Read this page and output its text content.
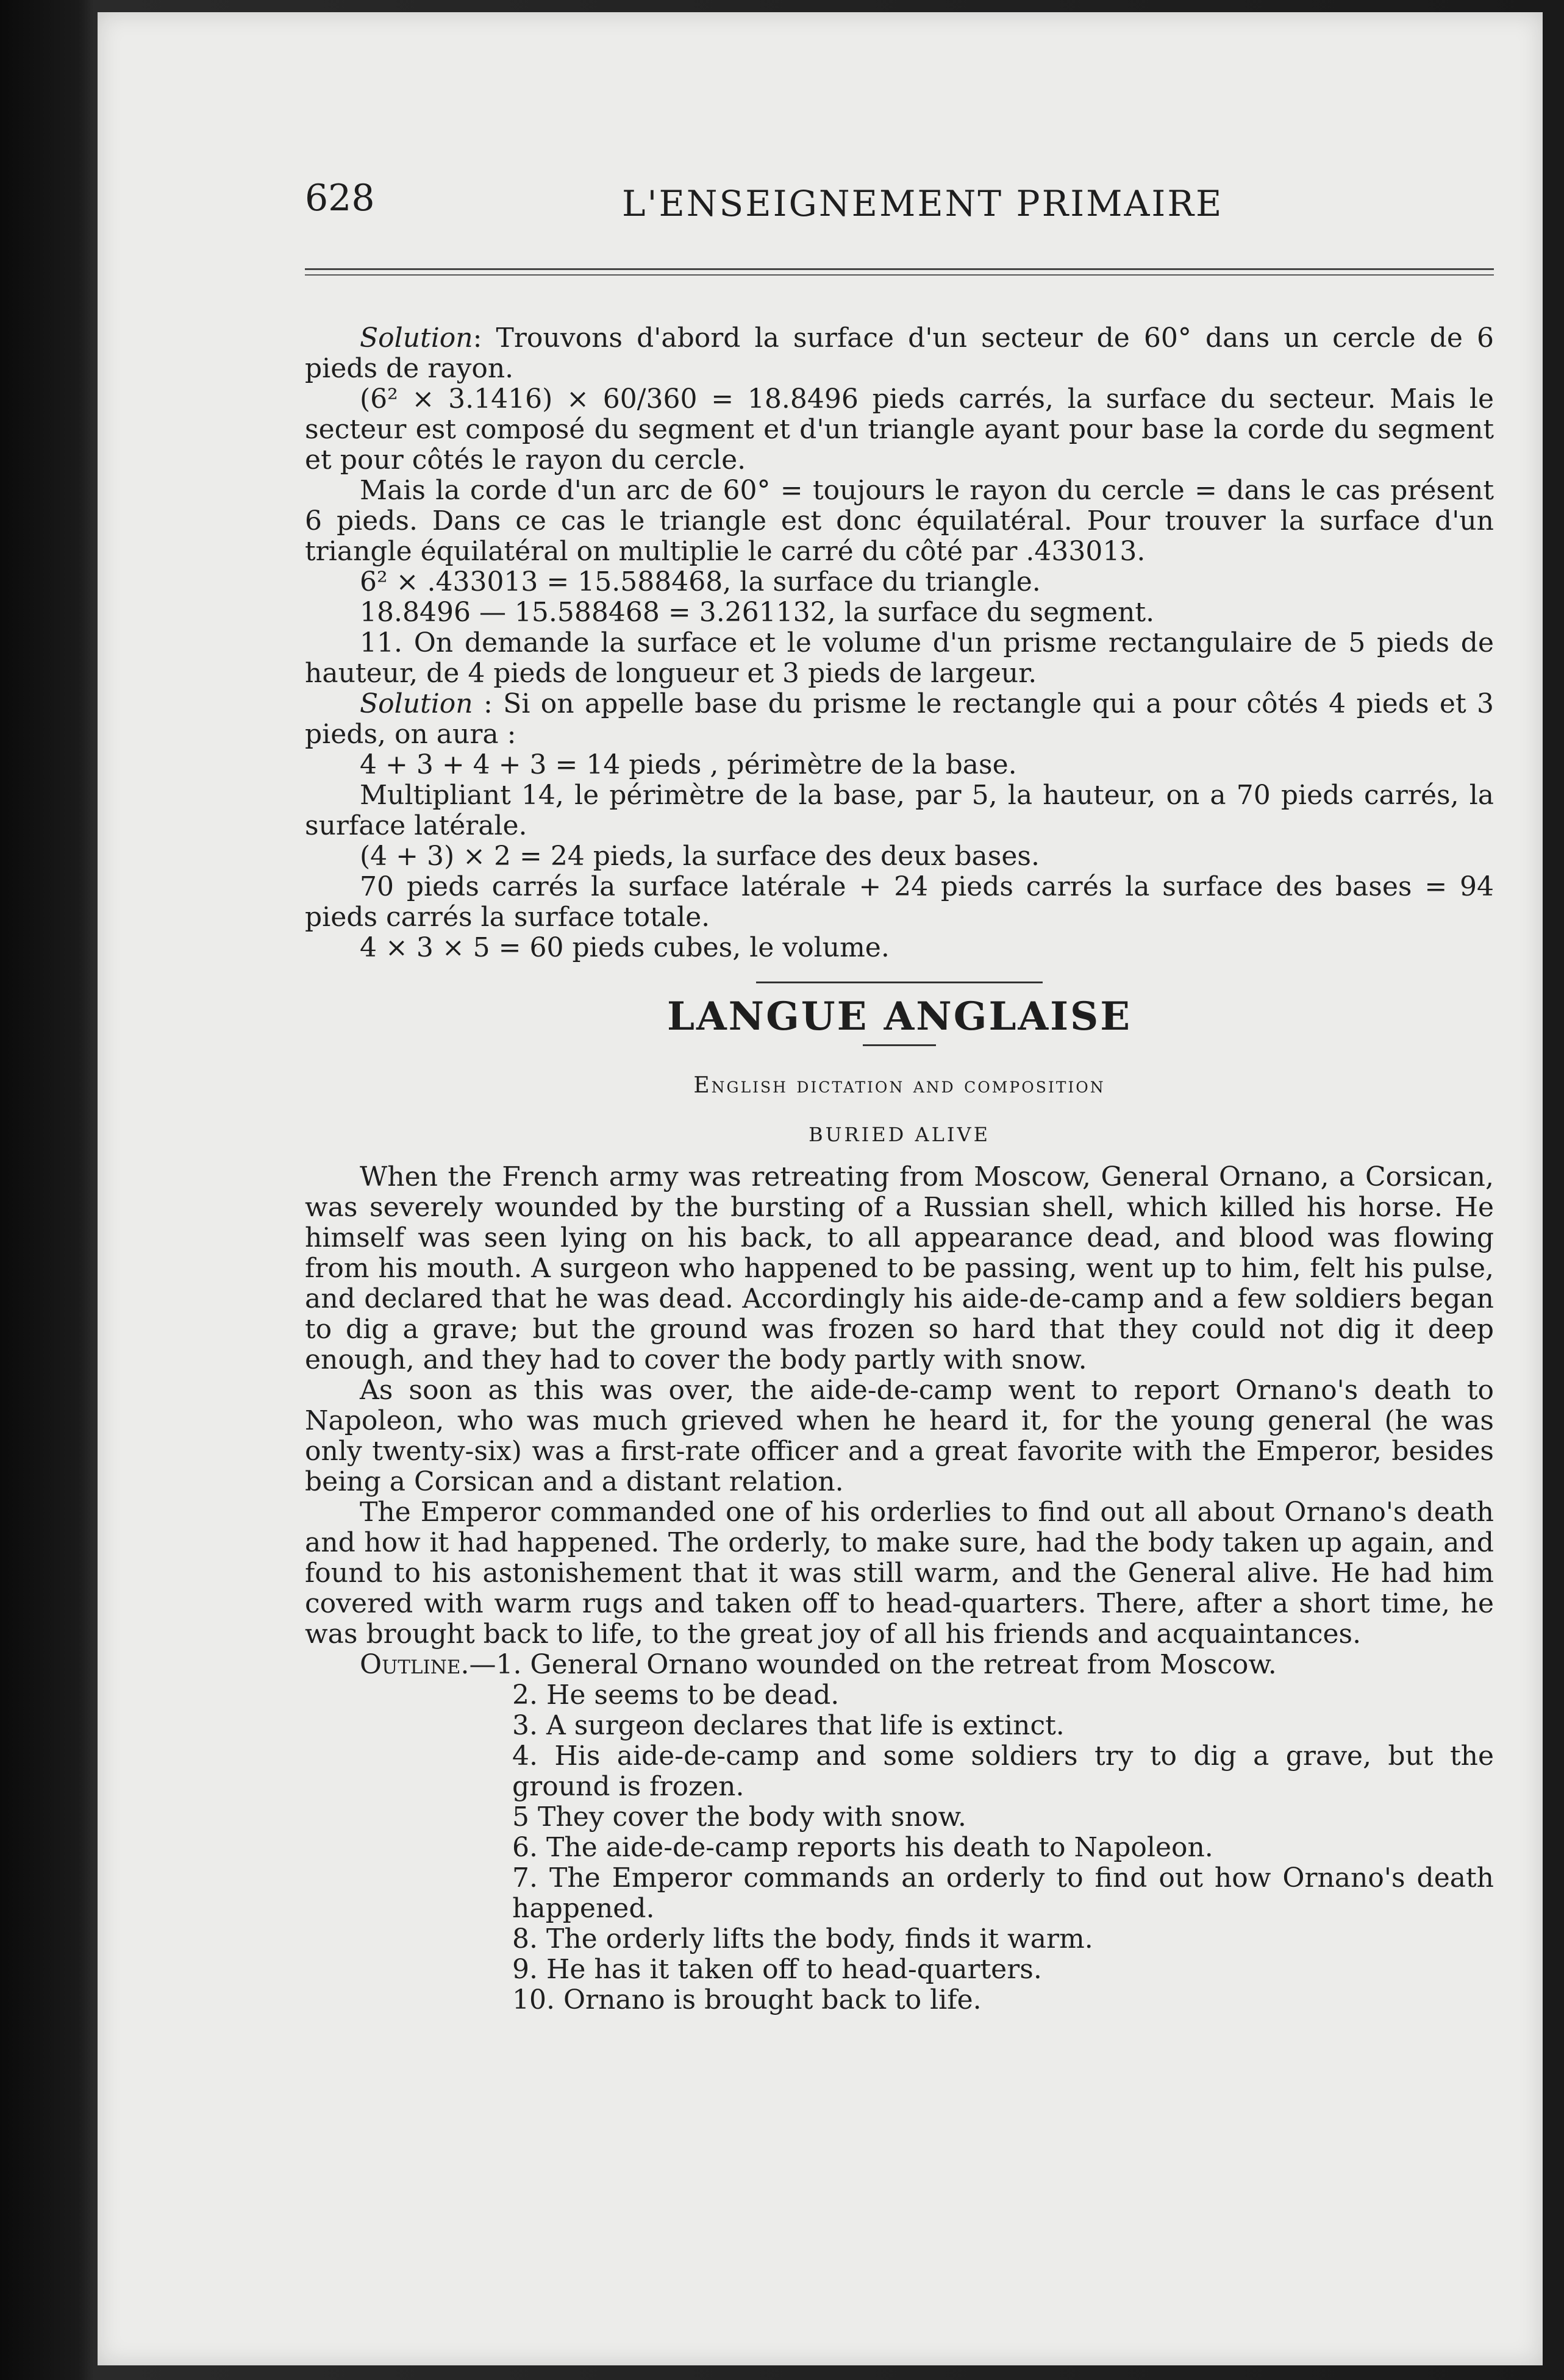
628	L'ENSEIGNEMENT PRIMAIRE

Solution: Trouvons d'abord la surface d'un secteur de 60° dans un cercle de 6 pieds de rayon.

(6² × 3.1416) × 60/360 = 18.8496 pieds carrés, la surface du secteur. Mais le secteur est composé du segment et d'un triangle ayant pour base la corde du segment et pour côtés le rayon du cercle.

Mais la corde d'un arc de 60° = toujours le rayon du cercle = dans le cas présent 6 pieds. Dans ce cas le triangle est donc équilatéral. Pour trouver la surface d'un triangle équilatéral on multiplie le carré du côté par .433013.

6² × .433013 = 15.588468, la surface du triangle.

18.8496 — 15.588468 = 3.261132, la surface du segment.

11. On demande la surface et le volume d'un prisme rectangulaire de 5 pieds de hauteur, de 4 pieds de longueur et 3 pieds de largeur.

Solution : Si on appelle base du prisme le rectangle qui a pour côtés 4 pieds et 3 pieds, on aura :

4 + 3 + 4 + 3 = 14 pieds , périmètre de la base.

Multipliant 14, le périmètre de la base, par 5, la hauteur, on a 70 pieds carrés, la surface latérale.

(4 + 3) × 2 = 24 pieds, la surface des deux bases.

70 pieds carrés la surface latérale + 24 pieds carrés la surface des bases = 94 pieds carrés la surface totale.

4 × 3 × 5 = 60 pieds cubes, le volume.

LANGUE ANGLAISE
English dictation and composition
BURIED ALIVE

When the French army was retreating from Moscow, General Ornano, a Corsican, was severely wounded by the bursting of a Russian shell, which killed his horse. He himself was seen lying on his back, to all appearance dead, and blood was flowing from his mouth. A surgeon who happened to be passing, went up to him, felt his pulse, and declared that he was dead. Accordingly his aide-de-camp and a few soldiers began to dig a grave; but the ground was frozen so hard that they could not dig it deep enough, and they had to cover the body partly with snow.

As soon as this was over, the aide-de-camp went to report Ornano's death to Napoleon, who was much grieved when he heard it, for the young general (he was only twenty-six) was a first-rate officer and a great favorite with the Emperor, besides being a Corsican and a distant relation.

The Emperor commanded one of his orderlies to find out all about Ornano's death and how it had happened. The orderly, to make sure, had the body taken up again, and found to his astonishement that it was still warm, and the General alive. He had him covered with warm rugs and taken off to head-quarters. There, after a short time, he was brought back to life, to the great joy of all his friends and acquaintances.

Outline.—1. General Ornano wounded on the retreat from Moscow.

2. He seems to be dead.

3. A surgeon declares that life is extinct.

4. His aide-de-camp and some soldiers try to dig a grave, but the ground is frozen.

5 They cover the body with snow.

6. The aide-de-camp reports his death to Napoleon.

7. The Emperor commands an orderly to find out how Ornano's death happened.

8. The orderly lifts the body, finds it warm.

9. He has it taken off to head-quarters.

10. Ornano is brought back to life.
